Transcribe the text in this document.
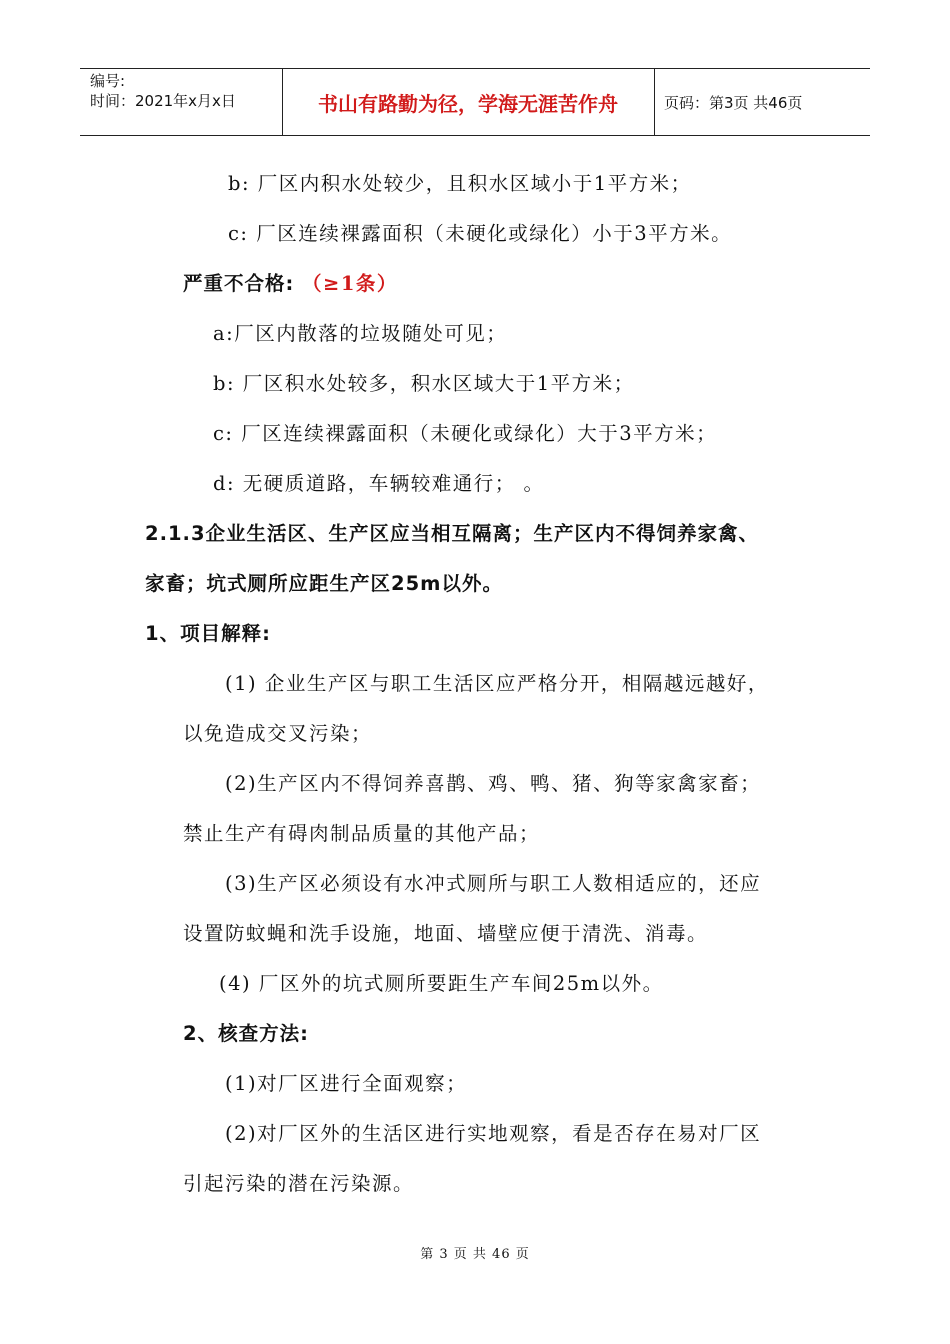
编号:
时间：2021年x月x日	书山有路勤为径，学海无涯苦作舟	页码：第3页 共46页
b: 厂区内积水处较少，且积水区域小于1平方米；
c: 厂区连续裸露面积（未硬化或绿化）小于3平方米。
严重不合格: （≥1条）
a:厂区内散落的垃圾随处可见；
b: 厂区积水处较多，积水区域大于1平方米；
c: 厂区连续裸露面积（未硬化或绿化）大于3平方米；
d: 无硬质道路，车辆较难通行； 。
2.1.3企业生活区、生产区应当相互隔离；生产区内不得饲养家禽、
家畜；坑式厕所应距生产区25m以外。
1、项目解释:
(1) 企业生产区与职工生活区应严格分开，相隔越远越好，
以免造成交叉污染；
(2)生产区内不得饲养喜鹊、鸡、鸭、猪、狗等家禽家畜；
禁止生产有碍肉制品质量的其他产品；
(3)生产区必须设有水冲式厕所与职工人数相适应的，还应
设置防蚊蝇和洗手设施，地面、墙壁应便于清洗、消毒。
(4) 厂区外的坑式厕所要距生产车间25m以外。
2、核查方法:
(1)对厂区进行全面观察；
(2)对厂区外的生活区进行实地观察，看是否存在易对厂区
引起污染的潜在污染源。
第 3 页 共 46 页
